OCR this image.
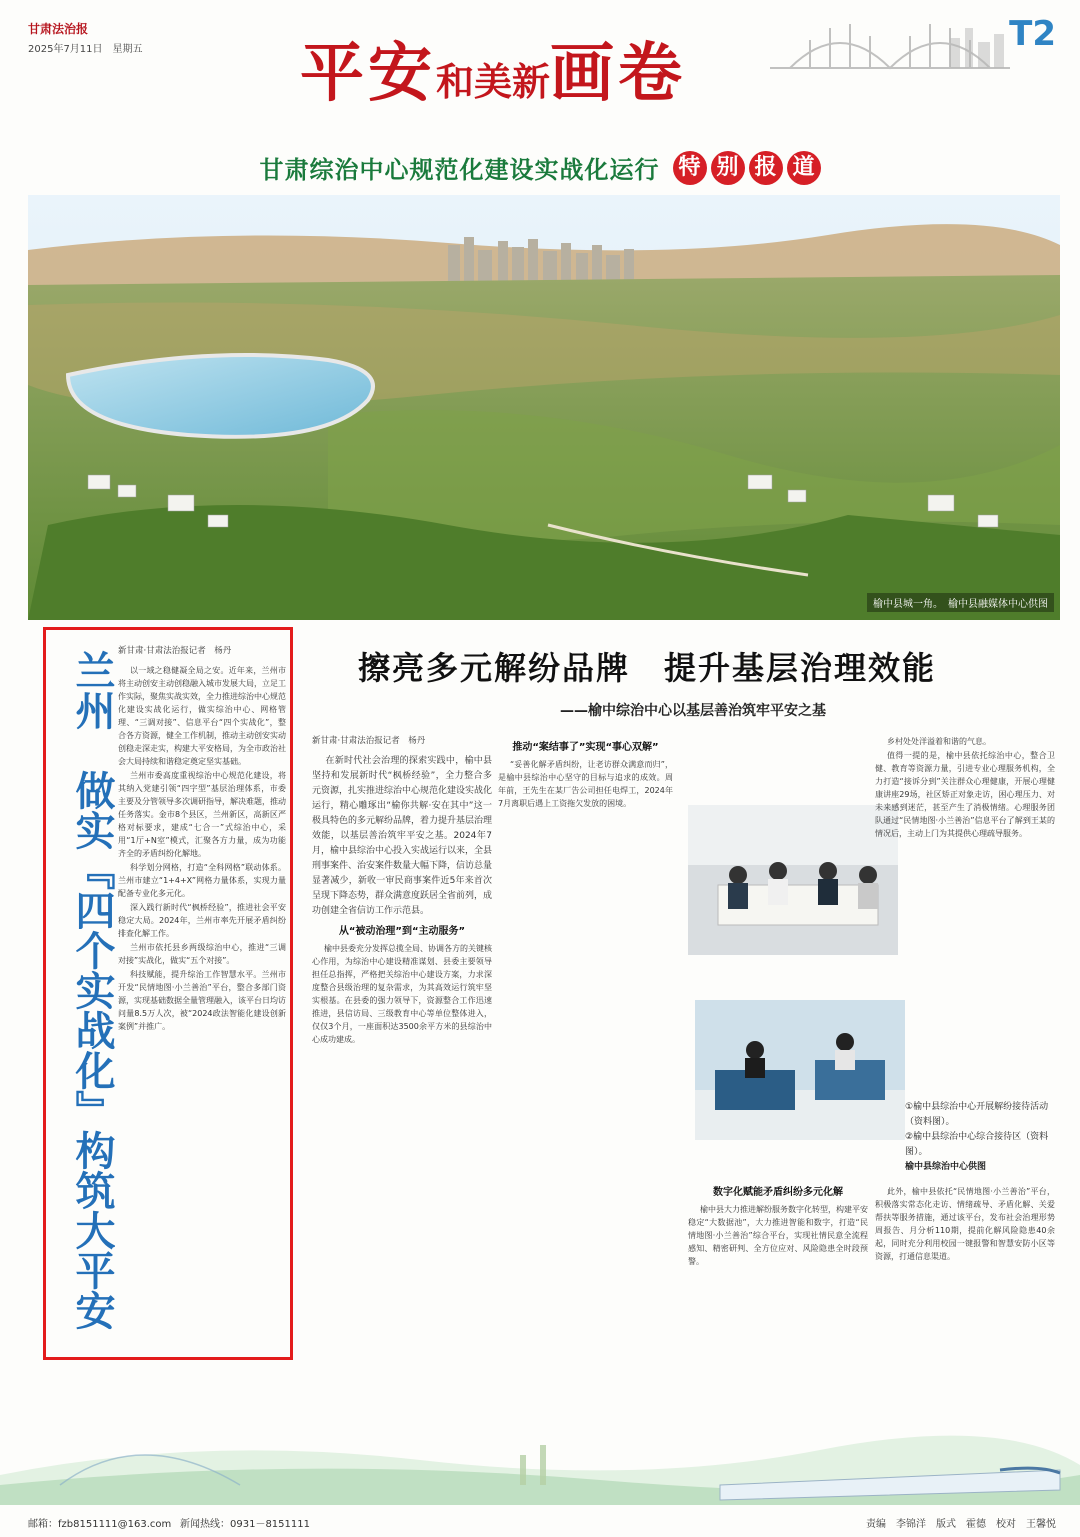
甘肃法治报
2025年7月11日　星期五	T2
平安和美新画卷
甘肃综治中心规范化建设实战化运行 特 别 报 道
榆中县城一角。　榆中县融媒体中心供图
兰州　做实『四个实战化』构筑大平安 新甘肃·甘肃法治报记者　杨丹

以一域之稳健凝全局之安。近年来，兰州市将主动创安主动创稳融入城市发展大局，立足工作实际，聚焦实战实效，全力推进综治中心规范化建设实战化运行，做实综治中心、网格管理、“三调对接”、信息平台“四个实战化”，整合各方资源，健全工作机制，推动主动创安实动创稳走深走实，构建大平安格局，为全市政治社会大局持续和谐稳定奠定坚实基础。

兰州市委高度重视综治中心规范化建设，将其纳入党建引领“四字型”基层治理体系，市委主要及分管领导多次调研指导，解决难题，推动任务落实。金市8个县区，兰州新区，高新区严格对标要求，建成“七合一”式综治中心，采用“1厅+N室”模式，汇聚各方力量，成为功能齐全的矛盾纠纷化解地。

科学划分网格，打造“全科网格”联动体系。兰州市建立“1+4+X”网格力量体系，实现力量配备专业化多元化。

深入践行新时代“枫桥经验”，推进社会平安稳定大局。2024年，兰州市率先开展矛盾纠纷排查化解工作。

兰州市依托县乡两级综治中心，推进“三调对接”实战化，做实“五个对接”。

科技赋能，提升综治工作智慧水平。兰州市开发“民情地图·小兰善治”平台，整合多部门资源，实现基础数据全量管理融入，该平台日均访问量8.5万人次，被“2024政法智能化建设创新案例”并推广。

擦亮多元解纷品牌　提升基层治理效能
——榆中综治中心以基层善治筑牢平安之基
新甘肃·甘肃法治报记者　杨丹

在新时代社会治理的探索实践中，榆中县坚持和发展新时代“枫桥经验”，全力整合多元资源，扎实推进综治中心规范化建设实战化运行，精心雕琢出“榆你共解·安在其中”这一极具特色的多元解纷品牌，着力提升基层治理效能，以基层善治筑牢平安之基。2024年7月，榆中县综治中心投入实战运行以来，全县刑事案件、治安案件数量大幅下降，信访总量显著减少，新收一审民商事案件近5年来首次呈现下降态势，群众满意度跃居全省前列，成功创建全省信访工作示范县。

从“被动治理”到“主动服务”

榆中县委充分发挥总揽全局、协调各方的关键核心作用，为综治中心建设精准谋划、县委主要领导担任总指挥，严格把关综治中心建设方案，力求深度整合县级治理的复杂需求，为其高效运行筑牢坚实根基。在县委的强力领导下，资源整合工作迅速推进，县信访局、三级教育中心等单位整体进入，仅仅3个月，一座面积达3500余平方米的县综治中心成功建成。

推动“案结事了”实现“事心双解”

“妥善化解矛盾纠纷，让老访群众满意而归”，是榆中县综治中心坚守的目标与追求的成效。周年前，王先生在某厂告公司担任电焊工，2024年7月离职后遇上工资拖欠发放的困境。

①榆中县综治中心开展解纷接待活动（资料图）。
②榆中县综治中心综合接待区（资料图）。
榆中县综治中心供图
数字化赋能矛盾纠纷多元化解

榆中县大力推进解纷服务数字化转型，构建平安稳定“大数据池”，大力推进智能和数字，打造“民情地图·小兰善治”综合平台，实现社情民意全流程感知、精密研判、全方位应对、风险隐患全时段预警。

乡村处处洋溢着和谐的气息。

值得一提的是，榆中县依托综治中心，整合卫健、教育等资源力量，引进专业心理服务机构，全力打造“接诉分到”关注群众心理健康，开展心理健康讲座29场，社区矫正对象走访，困心理压力、对未来感到迷茫，甚至产生了消极情绪。心理服务团队通过“民情地图·小兰善治”信息平台了解到王某的情况后，主动上门为其提供心理疏导服务。

此外，榆中县依托“民情地图·小兰善治”平台，积极落实常态化走访、情绪疏导、矛盾化解、关爱帮扶等服务措施，通过该平台，发布社会治理形势周报告、月分析110期，提前化解风险隐患40余起，同时充分利用校园一键报警和智慧安防小区等资源，打通信息渠道。

邮箱：fzb8151111@163.com 新闻热线：0931－8151111	责编　李锦洋　版式　霍德　校对　王馨悦
